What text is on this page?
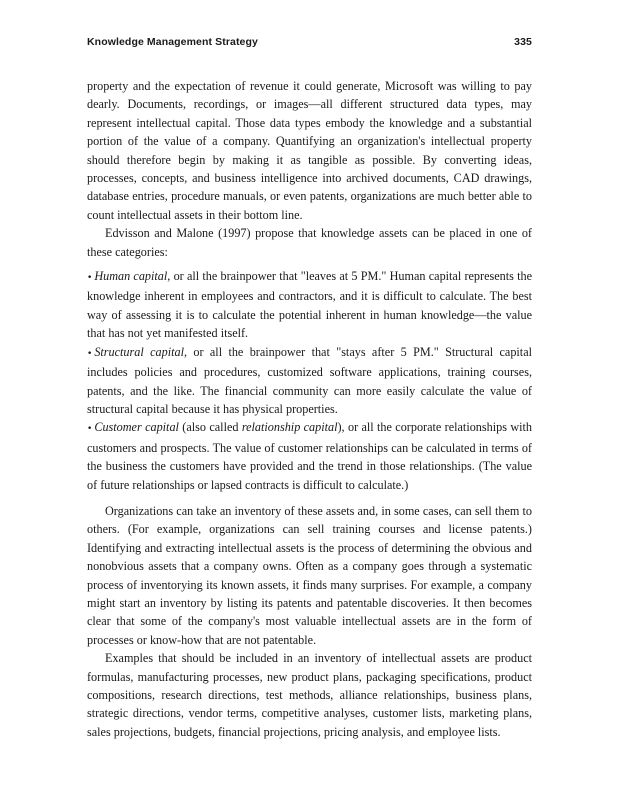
Knowledge Management Strategy	335

property and the expectation of revenue it could generate, Microsoft was willing to pay dearly. Documents, recordings, or images—all different structured data types, may represent intellectual capital. Those data types embody the knowledge and a substantial portion of the value of a company. Quantifying an organization's intellectual property should therefore begin by making it as tangible as possible. By converting ideas, processes, concepts, and business intelligence into archived documents, CAD drawings, database entries, procedure manuals, or even patents, organizations are much better able to count intellectual assets in their bottom line.

Edvisson and Malone (1997) propose that knowledge assets can be placed in one of these categories:

• Human capital, or all the brainpower that "leaves at 5 PM." Human capital represents the knowledge inherent in employees and contractors, and it is difficult to calculate. The best way of assessing it is to calculate the potential inherent in human knowledge—the value that has not yet manifested itself.

• Structural capital, or all the brainpower that "stays after 5 PM." Structural capital includes policies and procedures, customized software applications, training courses, patents, and the like. The financial community can more easily calculate the value of structural capital because it has physical properties.

• Customer capital (also called relationship capital), or all the corporate relationships with customers and prospects. The value of customer relationships can be calculated in terms of the business the customers have provided and the trend in those relationships. (The value of future relationships or lapsed contracts is difficult to calculate.)

Organizations can take an inventory of these assets and, in some cases, can sell them to others. (For example, organizations can sell training courses and license patents.) Identifying and extracting intellectual assets is the process of determining the obvious and nonobvious assets that a company owns. Often as a company goes through a systematic process of inventorying its known assets, it finds many surprises. For example, a company might start an inventory by listing its patents and patentable discoveries. It then becomes clear that some of the company's most valuable intellectual assets are in the form of processes or know-how that are not patentable.

Examples that should be included in an inventory of intellectual assets are product formulas, manufacturing processes, new product plans, packaging specifications, product compositions, research directions, test methods, alliance relationships, business plans, strategic directions, vendor terms, competitive analyses, customer lists, marketing plans, sales projections, budgets, financial projections, pricing analysis, and employee lists.
